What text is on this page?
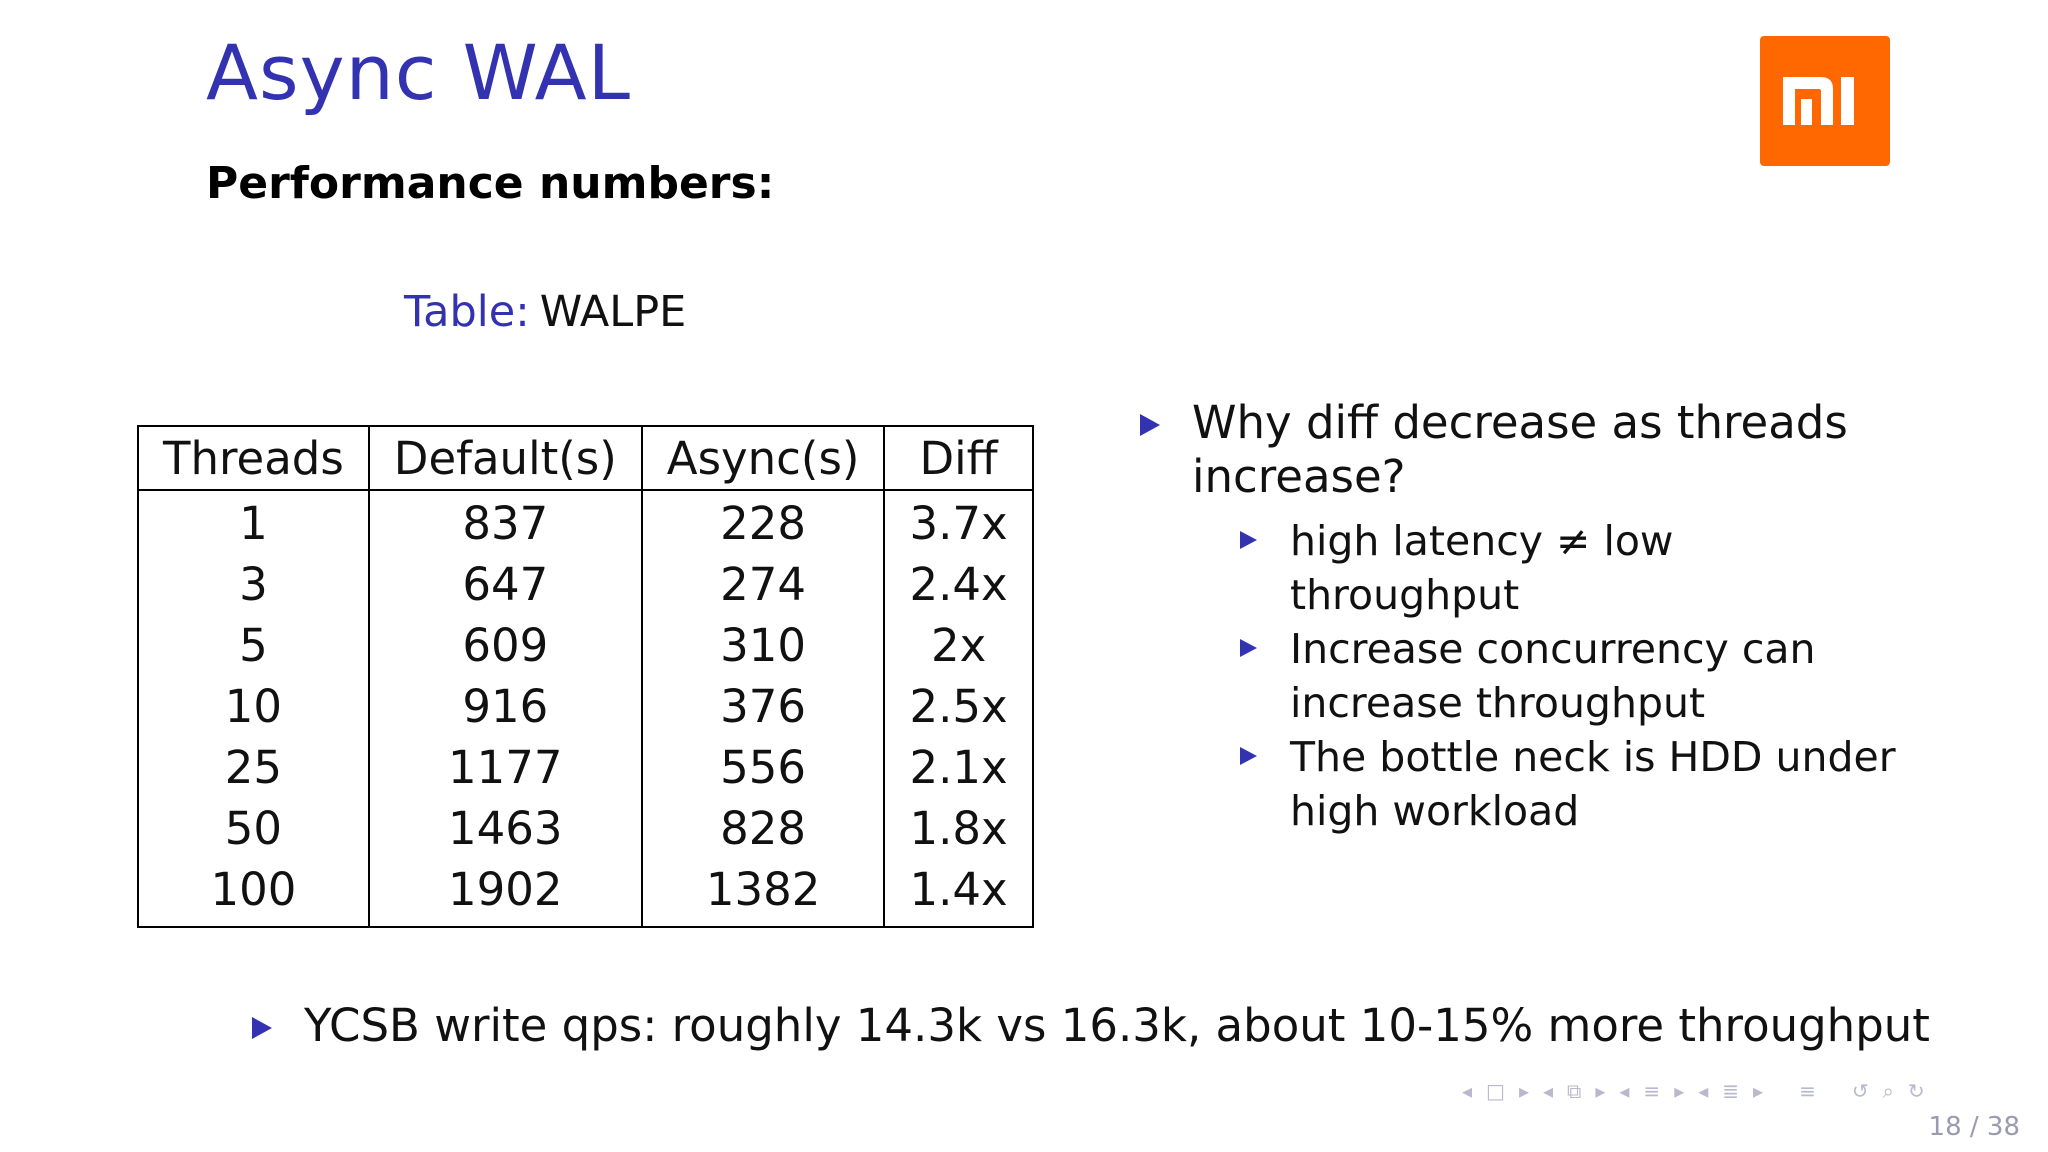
Async WAL
Performance numbers:
Table: WALPE
Threads	Default(s)	Async(s)	Diff
1	837	228	3.7x
3	647	274	2.4x
5	609	310	2x
10	916	376	2.5x
25	1177	556	2.1x
50	1463	828	1.8x
100	1902	1382	1.4x
Why diff decrease as threads increase?
high latency ≠ low throughput
Increase concurrency can increase throughput
The bottle neck is HDD under high workload
YCSB write qps: roughly 14.3k vs 16.3k, about 10-15% more throughput
◂ □ ▸ ◂ ⧉ ▸ ◂ ≡ ▸ ◂ ≣ ▸ ≡ ↺ ⌕ ↻
18 / 38
